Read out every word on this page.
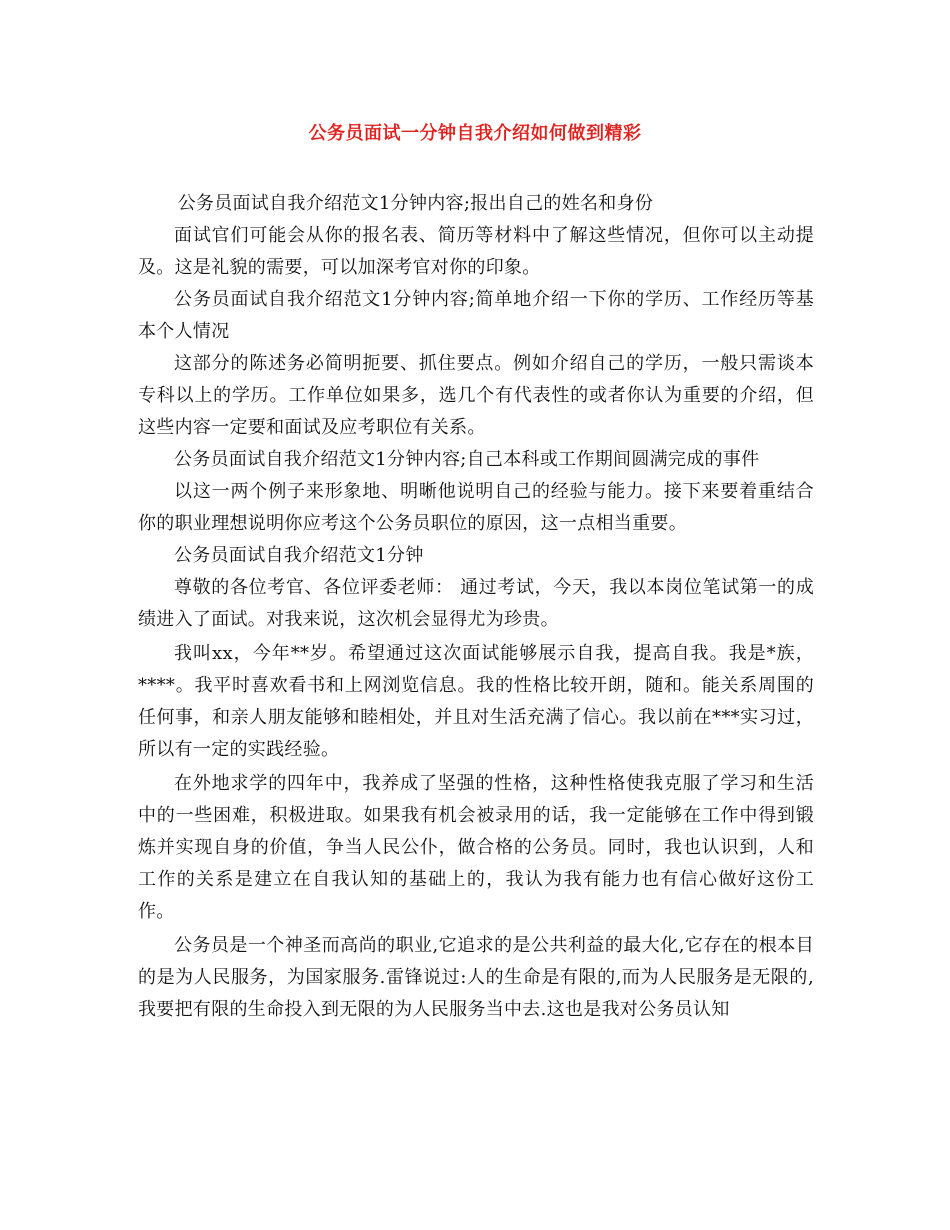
公务员面试一分钟自我介绍如何做到精彩

公务员面试自我介绍范文1分钟内容;报出自己的姓名和身份

面试官们可能会从你的报名表、简历等材料中了解这些情况，但你可以主动提及。这是礼貌的需要，可以加深考官对你的印象。

公务员面试自我介绍范文1分钟内容;简单地介绍一下你的学历、工作经历等基本个人情况

这部分的陈述务必简明扼要、抓住要点。例如介绍自己的学历，一般只需谈本专科以上的学历。工作单位如果多，选几个有代表性的或者你认为重要的介绍，但这些内容一定要和面试及应考职位有关系。

公务员面试自我介绍范文1分钟内容;自己本科或工作期间圆满完成的事件

以这一两个例子来形象地、明晰他说明自己的经验与能力。接下来要着重结合你的职业理想说明你应考这个公务员职位的原因，这一点相当重要。

公务员面试自我介绍范文1分钟

尊敬的各位考官、各位评委老师： 通过考试，今天，我以本岗位笔试第一的成绩进入了面试。对我来说，这次机会显得尤为珍贵。

我叫xx，今年**岁。希望通过这次面试能够展示自我，提高自我。我是*族，****。我平时喜欢看书和上网浏览信息。我的性格比较开朗，随和。能关系周围的任何事，和亲人朋友能够和睦相处，并且对生活充满了信心。我以前在***实习过，所以有一定的实践经验。

在外地求学的四年中，我养成了坚强的性格，这种性格使我克服了学习和生活中的一些困难，积极进取。如果我有机会被录用的话，我一定能够在工作中得到锻炼并实现自身的价值，争当人民公仆，做合格的公务员。同时，我也认识到，人和工作的关系是建立在自我认知的基础上的，我认为我有能力也有信心做好这份工作。

公务员是一个神圣而高尚的职业,它追求的是公共利益的最大化,它存在的根本目的是为人民服务，为国家服务.雷锋说过:人的生命是有限的,而为人民服务是无限的,我要把有限的生命投入到无限的为人民服务当中去.这也是我对公务员认知
